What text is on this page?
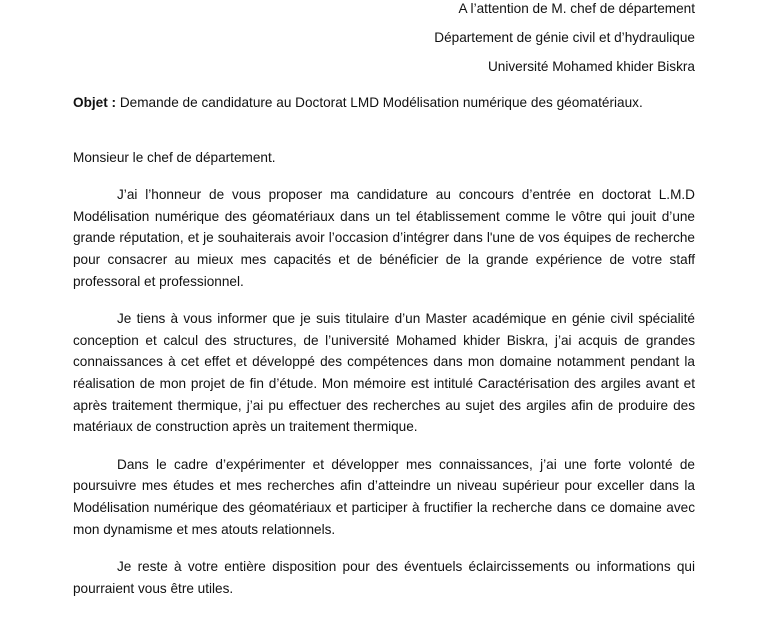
A l’attention de M. chef de département
Département de génie civil et d’hydraulique
Université Mohamed khider Biskra
Objet : Demande de candidature au Doctorat LMD Modélisation numérique des géomatériaux.
Monsieur le chef de département.
J’ai l’honneur de vous proposer ma candidature au concours d’entrée en doctorat L.M.D Modélisation numérique des géomatériaux dans un tel établissement comme le vôtre qui jouit d’une grande réputation, et je souhaiterais avoir l’occasion d’intégrer dans l'une de vos équipes de recherche pour consacrer au mieux mes capacités et de bénéficier de la grande expérience de votre staff professoral et professionnel.
Je tiens à vous informer que je suis titulaire d’un Master académique en génie civil spécialité conception et calcul des structures, de l’université Mohamed khider Biskra, j’ai acquis de grandes connaissances à cet effet et développé des compétences dans mon domaine notamment pendant la réalisation de mon projet de fin d’étude. Mon mémoire est intitulé Caractérisation des argiles avant et après traitement thermique, j’ai pu effectuer des recherches au sujet des argiles afin de produire des matériaux de construction après un traitement thermique.
Dans le cadre d’expérimenter et développer mes connaissances, j’ai une forte volonté de poursuivre mes études et mes recherches afin d’atteindre un niveau supérieur pour exceller dans la Modélisation numérique des géomatériaux et participer à fructifier la recherche dans ce domaine avec mon dynamisme et mes atouts relationnels.
Je reste à votre entière disposition pour des éventuels éclaircissements ou informations qui pourraient vous être utiles.
